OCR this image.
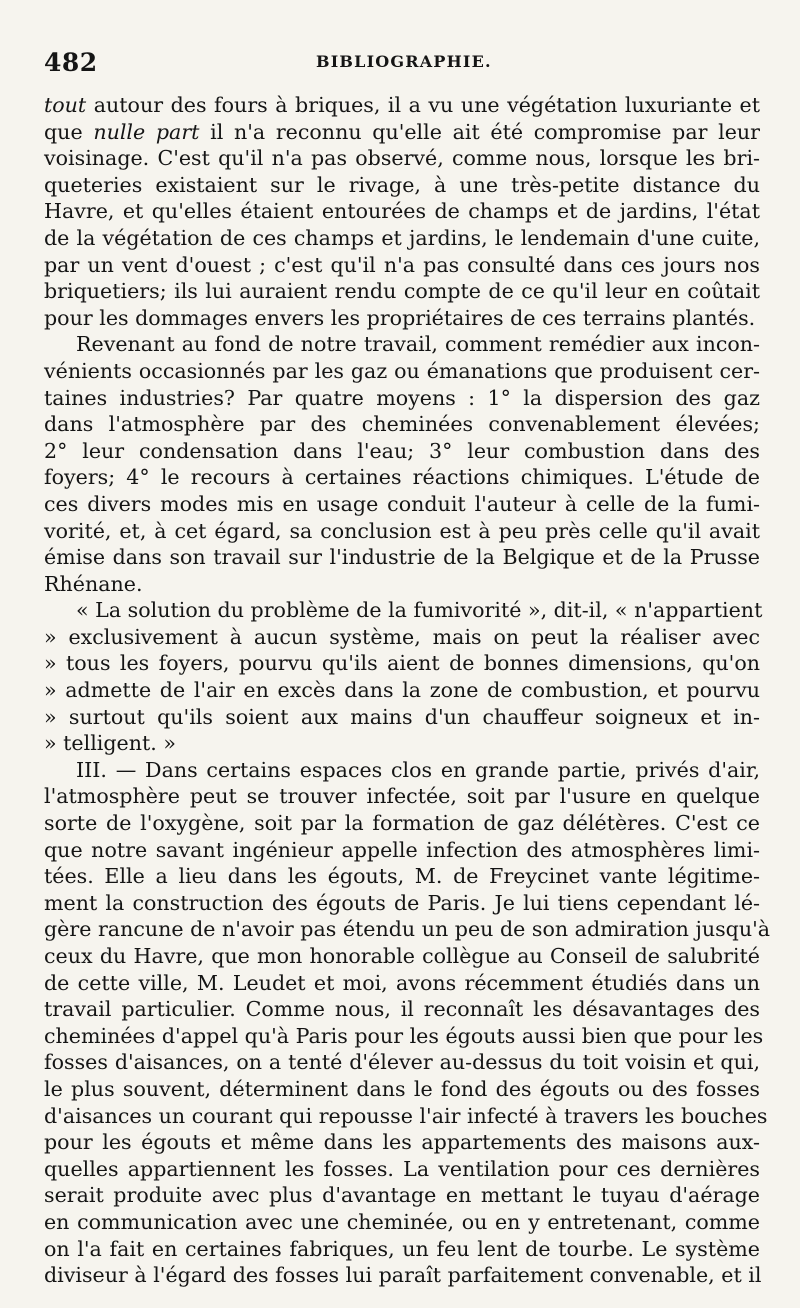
482	BIBLIOGRAPHIE.
tout autour des fours à briques, il a vu une végétation luxuriante et
que nulle part il n'a reconnu qu'elle ait été compromise par leur
voisinage. C'est qu'il n'a pas observé, comme nous, lorsque les bri-
queteries existaient sur le rivage, à une très-petite distance du
Havre, et qu'elles étaient entourées de champs et de jardins, l'état
de la végétation de ces champs et jardins, le lendemain d'une cuite,
par un vent d'ouest ; c'est qu'il n'a pas consulté dans ces jours nos
briquetiers; ils lui auraient rendu compte de ce qu'il leur en coûtait
pour les dommages envers les propriétaires de ces terrains plantés.
Revenant au fond de notre travail, comment remédier aux incon-
vénients occasionnés par les gaz ou émanations que produisent cer-
taines industries? Par quatre moyens : 1° la dispersion des gaz
dans l'atmosphère par des cheminées convenablement élevées;
2° leur condensation dans l'eau; 3° leur combustion dans des
foyers; 4° le recours à certaines réactions chimiques. L'étude de
ces divers modes mis en usage conduit l'auteur à celle de la fumi-
vorité, et, à cet égard, sa conclusion est à peu près celle qu'il avait
émise dans son travail sur l'industrie de la Belgique et de la Prusse
Rhénane.
« La solution du problème de la fumivorité », dit-il, « n'appartient
» exclusivement à aucun système, mais on peut la réaliser avec
» tous les foyers, pourvu qu'ils aient de bonnes dimensions, qu'on
» admette de l'air en excès dans la zone de combustion, et pourvu
» surtout qu'ils soient aux mains d'un chauffeur soigneux et in-
» telligent. »
III. — Dans certains espaces clos en grande partie, privés d'air,
l'atmosphère peut se trouver infectée, soit par l'usure en quelque
sorte de l'oxygène, soit par la formation de gaz délétères. C'est ce
que notre savant ingénieur appelle infection des atmosphères limi-
tées. Elle a lieu dans les égouts, M. de Freycinet vante légitime-
ment la construction des égouts de Paris. Je lui tiens cependant lé-
gère rancune de n'avoir pas étendu un peu de son admiration jusqu'à
ceux du Havre, que mon honorable collègue au Conseil de salubrité
de cette ville, M. Leudet et moi, avons récemment étudiés dans un
travail particulier. Comme nous, il reconnaît les désavantages des
cheminées d'appel qu'à Paris pour les égouts aussi bien que pour les
fosses d'aisances, on a tenté d'élever au-dessus du toit voisin et qui,
le plus souvent, déterminent dans le fond des égouts ou des fosses
d'aisances un courant qui repousse l'air infecté à travers les bouches
pour les égouts et même dans les appartements des maisons aux-
quelles appartiennent les fosses. La ventilation pour ces dernières
serait produite avec plus d'avantage en mettant le tuyau d'aérage
en communication avec une cheminée, ou en y entretenant, comme
on l'a fait en certaines fabriques, un feu lent de tourbe. Le système
diviseur à l'égard des fosses lui paraît parfaitement convenable, et il
